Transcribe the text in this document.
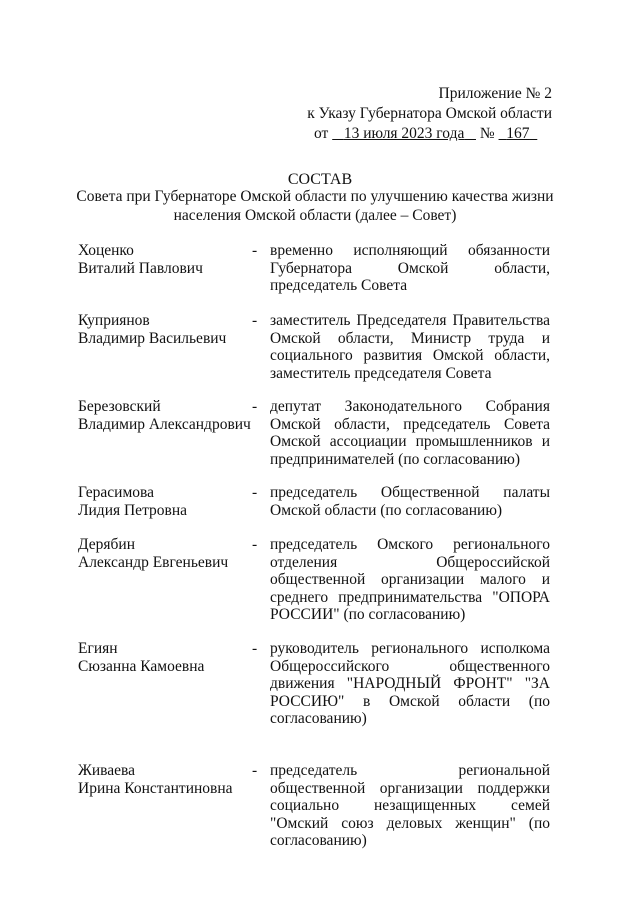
Приложение № 2
к Указу Губернатора Омской области
от 13 июля 2023 года № 167
СОСТАВ
Совета при Губернаторе Омской области по улучшению качества жизни населения Омской области (далее – Совет)
Хоценко
Виталий Павлович
- временно исполняющий обязанности Губернатора Омской области, председатель Совета
Куприянов
Владимир Васильевич
- заместитель Председателя Правительства Омской области, Министр труда и социального развития Омской области, заместитель председателя Совета
Березовский
Владимир Александрович
- депутат Законодательного Собрания Омской области, председатель Совета Омской ассоциации промышленников и предпринимателей (по согласованию)
Герасимова
Лидия Петровна
- председатель Общественной палаты Омской области (по согласованию)
Дерябин
Александр Евгеньевич
- председатель Омского регионального отделения Общероссийской общественной организации малого и среднего предпринимательства "ОПОРА РОССИИ" (по согласованию)
Егиян
Сюзанна Камоевна
- руководитель регионального исполкома Общероссийского общественного движения "НАРОДНЫЙ ФРОНТ" "ЗА РОССИЮ" в Омской области (по согласованию)
Живаева
Ирина Константиновна
- председатель региональной общественной организации поддержки социально незащищенных семей "Омский союз деловых женщин" (по согласованию)
